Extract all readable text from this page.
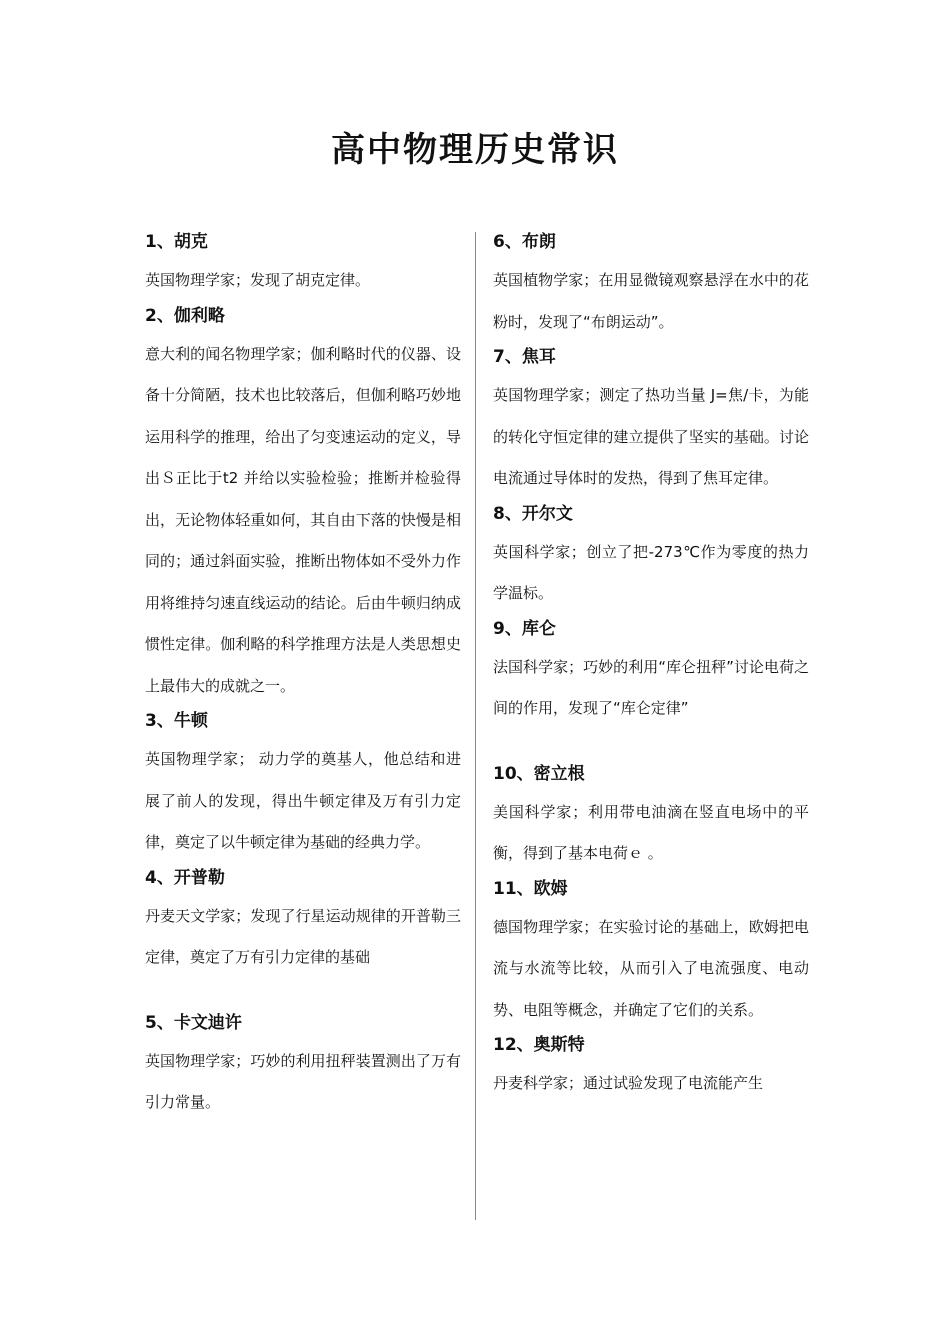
高中物理历史常识
1、胡克

英国物理学家；发现了胡克定律。

2、伽利略

意大利的闻名物理学家；伽利略时代的仪器、设备十分简陋，技术也比较落后，但伽利略巧妙地运用科学的推理，给出了匀变速运动的定义，导出Ｓ正比于t2 并给以实验检验；推断并检验得出，无论物体轻重如何，其自由下落的快慢是相同的；通过斜面实验，推断出物体如不受外力作用将维持匀速直线运动的结论。后由牛顿归纳成惯性定律。伽利略的科学推理方法是人类思想史上最伟大的成就之一。

3、牛顿

英国物理学家； 动力学的奠基人，他总结和进展了前人的发现，得出牛顿定律及万有引力定律，奠定了以牛顿定律为基础的经典力学。

4、开普勒

丹麦天文学家；发现了行星运动规律的开普勒三定律，奠定了万有引力定律的基础

5、卡文迪许

英国物理学家；巧妙的利用扭秤装置测出了万有引力常量。

6、布朗

英国植物学家；在用显微镜观察悬浮在水中的花粉时，发现了“布朗运动”。

7、焦耳

英国物理学家；测定了热功当量 J=焦/卡，为能的转化守恒定律的建立提供了坚实的基础。讨论电流通过导体时的发热，得到了焦耳定律。

8、开尔文

英国科学家；创立了把-273℃作为零度的热力学温标。

9、库仑

法国科学家；巧妙的利用“库仑扭秤”讨论电荷之间的作用，发现了“库仑定律”

10、密立根

美国科学家；利用带电油滴在竖直电场中的平衡，得到了基本电荷ｅ 。

11、欧姆

德国物理学家；在实验讨论的基础上，欧姆把电流与水流等比较，从而引入了电流强度、电动势、电阻等概念，并确定了它们的关系。

12、奥斯特

丹麦科学家；通过试验发现了电流能产生
